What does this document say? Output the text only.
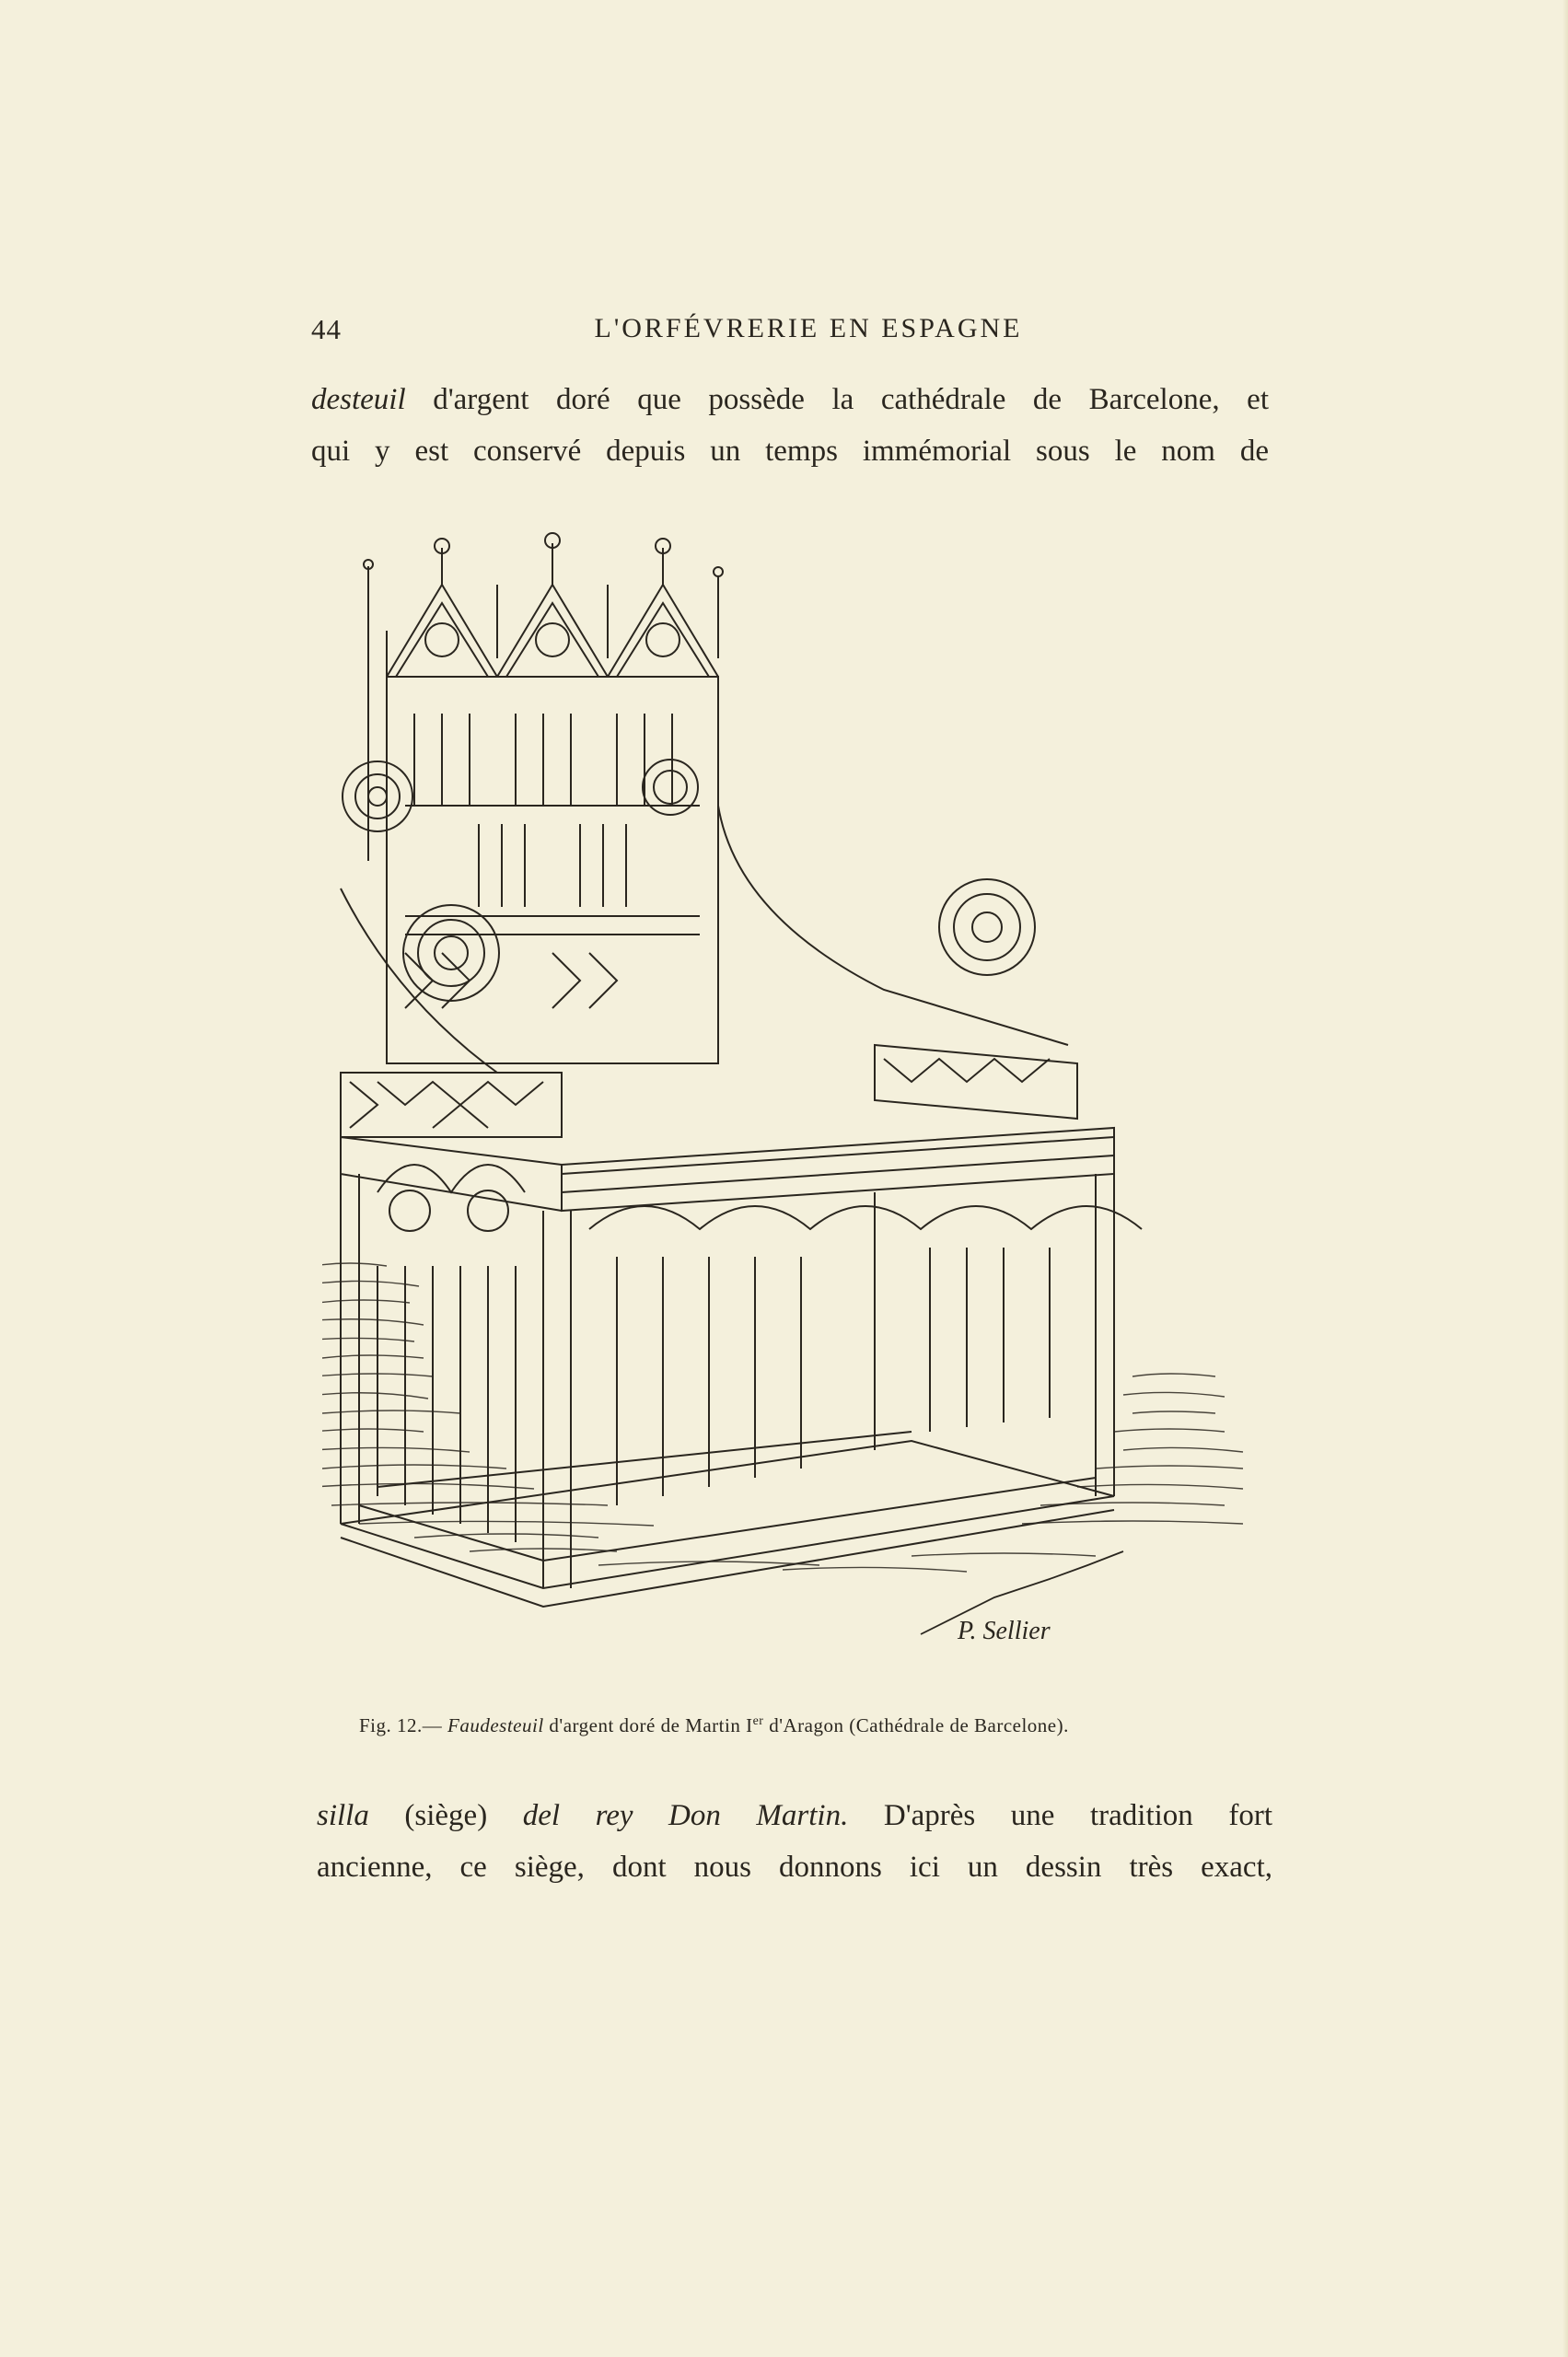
44	L'ORFÉVRERIE EN ESPAGNE
desteuil d'argent doré que possède la cathédrale de Barcelone, et
qui y est conservé depuis un temps immémorial sous le nom de
P. Sellier
Fig. 12.— Faudesteuil d'argent doré de Martin Ier d'Aragon (Cathédrale de Barcelone).
silla (siège) del rey Don Martin. D'après une tradition fort
ancienne, ce siège, dont nous donnons ici un dessin très exact,
